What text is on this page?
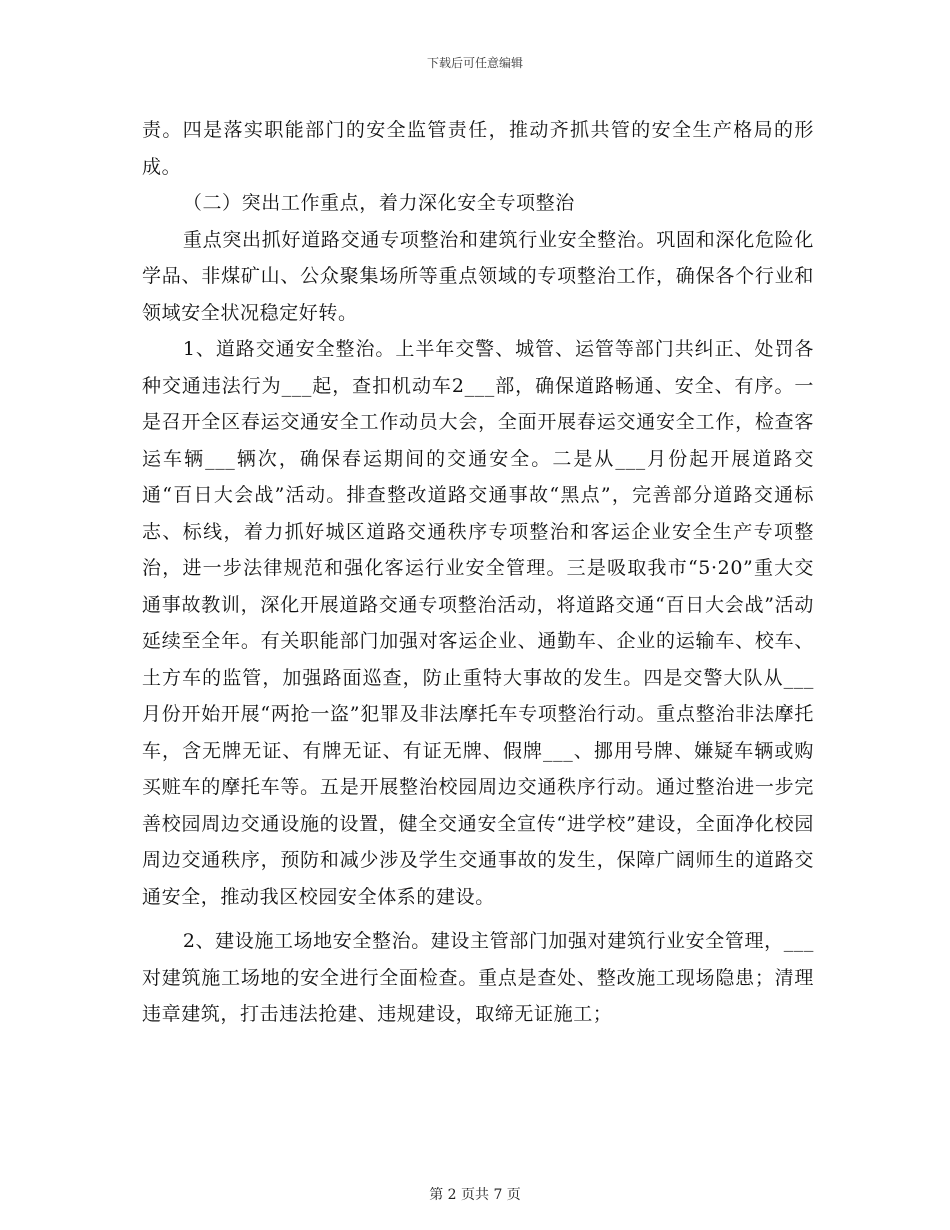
下载后可任意编辑

责。四是落实职能部门的安全监管责任，推动齐抓共管的安全生产格局的形成。

（二）突出工作重点，着力深化安全专项整治

重点突出抓好道路交通专项整治和建筑行业安全整治。巩固和深化危险化学品、非煤矿山、公众聚集场所等重点领域的专项整治工作，确保各个行业和领域安全状况稳定好转。

1、道路交通安全整治。上半年交警、城管、运管等部门共纠正、处罚各种交通违法行为___起，查扣机动车2___部，确保道路畅通、安全、有序。一是召开全区春运交通安全工作动员大会，全面开展春运交通安全工作，检查客运车辆___辆次，确保春运期间的交通安全。二是从___月份起开展道路交通“百日大会战”活动。排查整改道路交通事故“黑点”，完善部分道路交通标志、标线，着力抓好城区道路交通秩序专项整治和客运企业安全生产专项整治，进一步法律规范和强化客运行业安全管理。三是吸取我市“5·20”重大交通事故教训，深化开展道路交通专项整治活动，将道路交通“百日大会战”活动延续至全年。有关职能部门加强对客运企业、通勤车、企业的运输车、校车、土方车的监管，加强路面巡查，防止重特大事故的发生。四是交警大队从___月份开始开展“两抢一盗”犯罪及非法摩托车专项整治行动。重点整治非法摩托车，含无牌无证、有牌无证、有证无牌、假牌___、挪用号牌、嫌疑车辆或购买赃车的摩托车等。五是开展整治校园周边交通秩序行动。通过整治进一步完善校园周边交通设施的设置，健全交通安全宣传“进学校”建设，全面净化校园周边交通秩序，预防和减少涉及学生交通事故的发生，保障广阔师生的道路交通安全，推动我区校园安全体系的建设。

2、建设施工场地安全整治。建设主管部门加强对建筑行业安全管理，___对建筑施工场地的安全进行全面检查。重点是查处、整改施工现场隐患；清理违章建筑，打击违法抢建、违规建设，取缔无证施工；

第 2 页共 7 页
